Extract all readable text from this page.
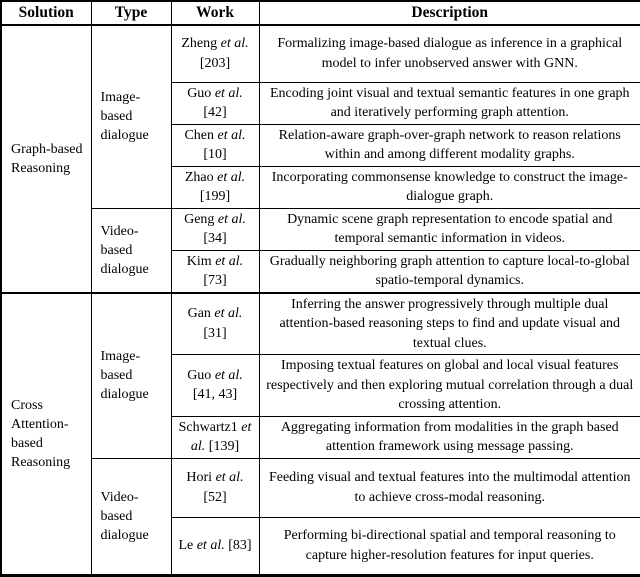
Solution	Type	Work	Description
Graph-based Reasoning	Image-based dialogue	Zheng et al. [203]	Formalizing image-based dialogue as inference in a graphical model to infer unobserved answer with GNN.
		Guo et al. [42]	Encoding joint visual and textual semantic features in one graph and iteratively performing graph attention.
		Chen et al. [10]	Relation-aware graph-over-graph network to reason relations within and among different modality graphs.
		Zhao et al. [199]	Incorporating commonsense knowledge to construct the image-dialogue graph.
	Video-based dialogue	Geng et al. [34]	Dynamic scene graph representation to encode spatial and temporal semantic information in videos.
		Kim et al. [73]	Gradually neighboring graph attention to capture local-to-global spatio-temporal dynamics.
Cross Attention-based Reasoning	Image-based dialogue	Gan et al. [31]	Inferring the answer progressively through multiple dual attention-based reasoning steps to find and update visual and textual clues.
		Guo et al. [41, 43]	Imposing textual features on global and local visual features respectively and then exploring mutual correlation through a dual crossing attention.
		Schwartz1 et al. [139]	Aggregating information from modalities in the graph based attention framework using message passing.
	Video-based dialogue	Hori et al. [52]	Feeding visual and textual features into the multimodal attention to achieve cross-modal reasoning.
		Le et al. [83]	Performing bi-directional spatial and temporal reasoning to capture higher-resolution features for input queries.
